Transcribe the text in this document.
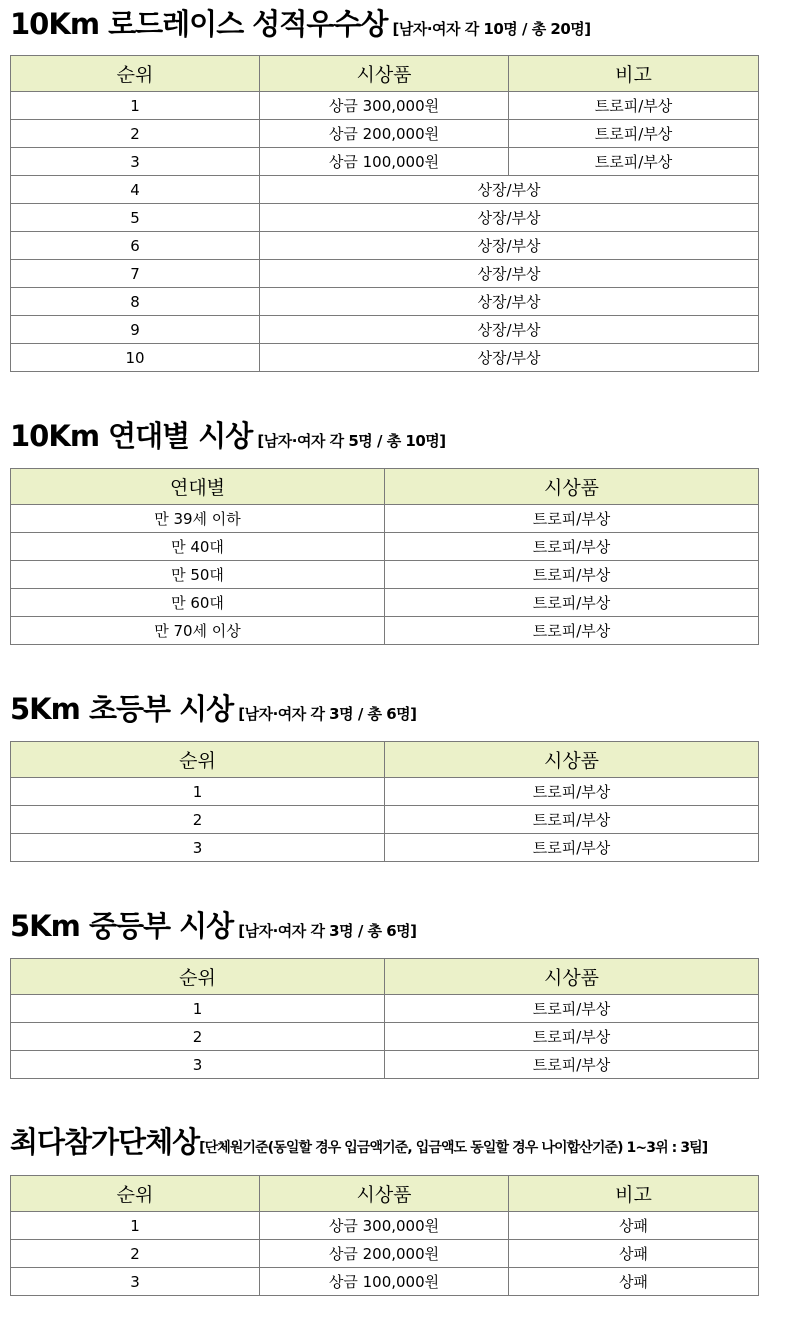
10Km 로드레이스 성적우수상 [남자·여자 각 10명 / 총 20명]
순위	시상품	비고
1	상금 300,000원	트로피/부상
2	상금 200,000원	트로피/부상
3	상금 100,000원	트로피/부상
4	상장/부상	
5	상장/부상	
6	상장/부상	
7	상장/부상	
8	상장/부상	
9	상장/부상	
10	상장/부상	
10Km 연대별 시상 [남자·여자 각 5명 / 총 10명]
연대별	시상품
만 39세 이하	트로피/부상
만 40대	트로피/부상
만 50대	트로피/부상
만 60대	트로피/부상
만 70세 이상	트로피/부상
5Km 초등부 시상 [남자·여자 각 3명 / 총 6명]
순위	시상품
1	트로피/부상
2	트로피/부상
3	트로피/부상
5Km 중등부 시상 [남자·여자 각 3명 / 총 6명]
순위	시상품
1	트로피/부상
2	트로피/부상
3	트로피/부상
최다참가단체상[단체원기준(동일할 경우 입금액기준, 입금액도 동일할 경우 나이합산기준) 1~3위 : 3팀]
순위	시상품	비고
1	상금 300,000원	상패
2	상금 200,000원	상패
3	상금 100,000원	상패
